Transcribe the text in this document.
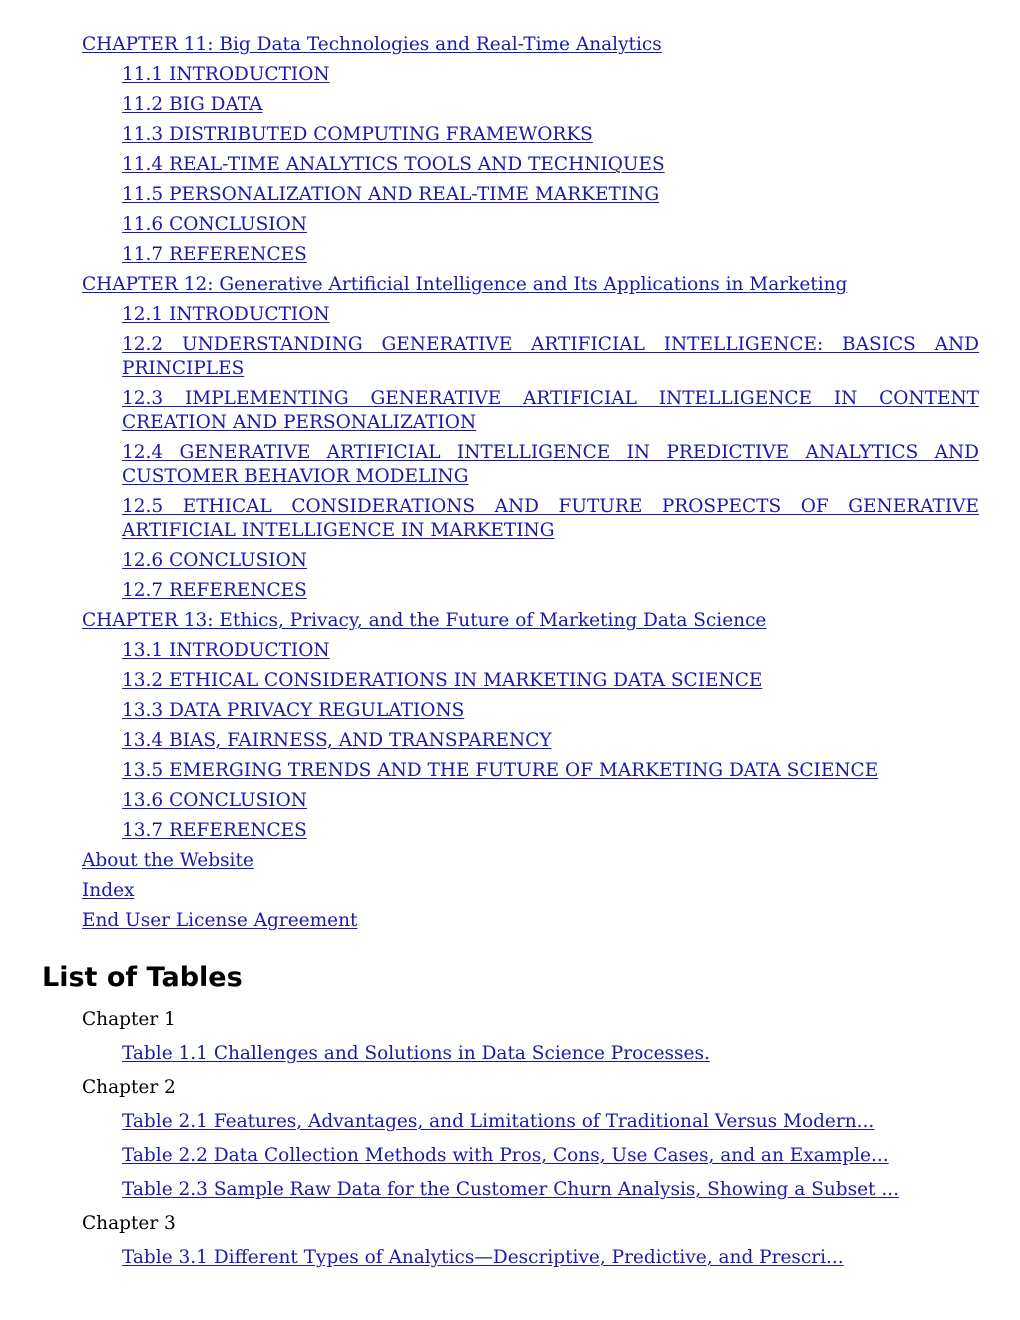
CHAPTER 11: Big Data Technologies and Real-Time Analytics
11.1 INTRODUCTION
11.2 BIG DATA
11.3 DISTRIBUTED COMPUTING FRAMEWORKS
11.4 REAL-TIME ANALYTICS TOOLS AND TECHNIQUES
11.5 PERSONALIZATION AND REAL-TIME MARKETING
11.6 CONCLUSION
11.7 REFERENCES
CHAPTER 12: Generative Artificial Intelligence and Its Applications in Marketing
12.1 INTRODUCTION
12.2 UNDERSTANDING GENERATIVE ARTIFICIAL INTELLIGENCE: BASICS AND PRINCIPLES
12.3 IMPLEMENTING GENERATIVE ARTIFICIAL INTELLIGENCE IN CONTENT CREATION AND PERSONALIZATION
12.4 GENERATIVE ARTIFICIAL INTELLIGENCE IN PREDICTIVE ANALYTICS AND CUSTOMER BEHAVIOR MODELING
12.5 ETHICAL CONSIDERATIONS AND FUTURE PROSPECTS OF GENERATIVE ARTIFICIAL INTELLIGENCE IN MARKETING
12.6 CONCLUSION
12.7 REFERENCES
CHAPTER 13: Ethics, Privacy, and the Future of Marketing Data Science
13.1 INTRODUCTION
13.2 ETHICAL CONSIDERATIONS IN MARKETING DATA SCIENCE
13.3 DATA PRIVACY REGULATIONS
13.4 BIAS, FAIRNESS, AND TRANSPARENCY
13.5 EMERGING TRENDS AND THE FUTURE OF MARKETING DATA SCIENCE
13.6 CONCLUSION
13.7 REFERENCES
About the Website
Index
End User License Agreement
List of Tables
Chapter 1
Table 1.1 Challenges and Solutions in Data Science Processes.
Chapter 2
Table 2.1 Features, Advantages, and Limitations of Traditional Versus Modern...
Table 2.2 Data Collection Methods with Pros, Cons, Use Cases, and an Example...
Table 2.3 Sample Raw Data for the Customer Churn Analysis, Showing a Subset ...
Chapter 3
Table 3.1 Different Types of Analytics—Descriptive, Predictive, and Prescri...
